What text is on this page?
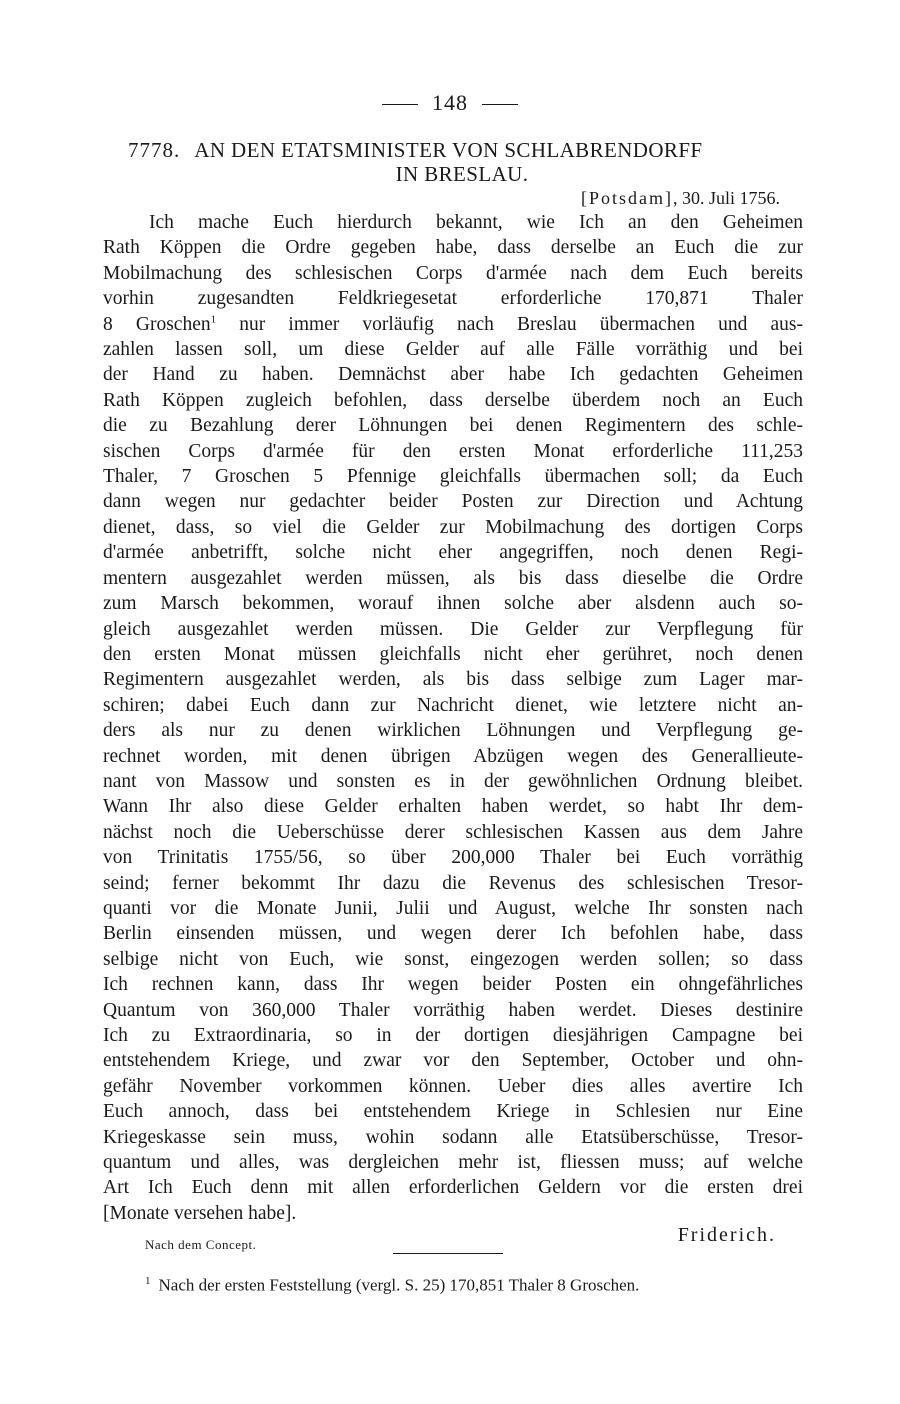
148
7778. AN DEN ETATSMINISTER VON SCHLABRENDORFF
IN BRESLAU.
[Potsdam], 30. Juli 1756.
Ich mache Euch hierdurch bekannt, wie Ich an den Geheimen
Rath Köppen die Ordre gegeben habe, dass derselbe an Euch die zur
Mobilmachung des schlesischen Corps d'armée nach dem Euch bereits
vorhin zugesandten Feldkriegesetat erforderliche 170,871 Thaler
8 Groschen$^1$ nur immer vorläufig nach Breslau übermachen und aus-
zahlen lassen soll, um diese Gelder auf alle Fälle vorräthig und bei
der Hand zu haben. Demnächst aber habe Ich gedachten Geheimen
Rath Köppen zugleich befohlen, dass derselbe überdem noch an Euch
die zu Bezahlung derer Löhnungen bei denen Regimentern des schle-
sischen Corps d'armée für den ersten Monat erforderliche 111,253
Thaler, 7 Groschen 5 Pfennige gleichfalls übermachen soll; da Euch
dann wegen nur gedachter beider Posten zur Direction und Achtung
dienet, dass, so viel die Gelder zur Mobilmachung des dortigen Corps
d'armée anbetrifft, solche nicht eher angegriffen, noch denen Regi-
mentern ausgezahlet werden müssen, als bis dass dieselbe die Ordre
zum Marsch bekommen, worauf ihnen solche aber alsdenn auch so-
gleich ausgezahlet werden müssen. Die Gelder zur Verpflegung für
den ersten Monat müssen gleichfalls nicht eher gerühret, noch denen
Regimentern ausgezahlet werden, als bis dass selbige zum Lager mar-
schiren; dabei Euch dann zur Nachricht dienet, wie letztere nicht an-
ders als nur zu denen wirklichen Löhnungen und Verpflegung ge-
rechnet worden, mit denen übrigen Abzügen wegen des Generallieute-
nant von Massow und sonsten es in der gewöhnlichen Ordnung bleibet.
Wann Ihr also diese Gelder erhalten haben werdet, so habt Ihr dem-
nächst noch die Ueberschüsse derer schlesischen Kassen aus dem Jahre
von Trinitatis 1755/56, so über 200,000 Thaler bei Euch vorräthig
seind; ferner bekommt Ihr dazu die Revenus des schlesischen Tresor-
quanti vor die Monate Junii, Julii und August, welche Ihr sonsten nach
Berlin einsenden müssen, und wegen derer Ich befohlen habe, dass
selbige nicht von Euch, wie sonst, eingezogen werden sollen; so dass
Ich rechnen kann, dass Ihr wegen beider Posten ein ohngefährliches
Quantum von 360,000 Thaler vorräthig haben werdet. Dieses destinire
Ich zu Extraordinaria, so in der dortigen diesjährigen Campagne bei
entstehendem Kriege, und zwar vor den September, October und ohn-
gefähr November vorkommen können. Ueber dies alles avertire Ich
Euch annoch, dass bei entstehendem Kriege in Schlesien nur Eine
Kriegeskasse sein muss, wohin sodann alle Etatsüberschüsse, Tresor-
quantum und alles, was dergleichen mehr ist, fliessen muss; auf welche
Art Ich Euch denn mit allen erforderlichen Geldern vor die ersten drei
[Monate versehen habe].
Nach dem Concept.	Friderich.
$^1$ Nach der ersten Feststellung (vergl. S. 25) 170,851 Thaler 8 Groschen.
